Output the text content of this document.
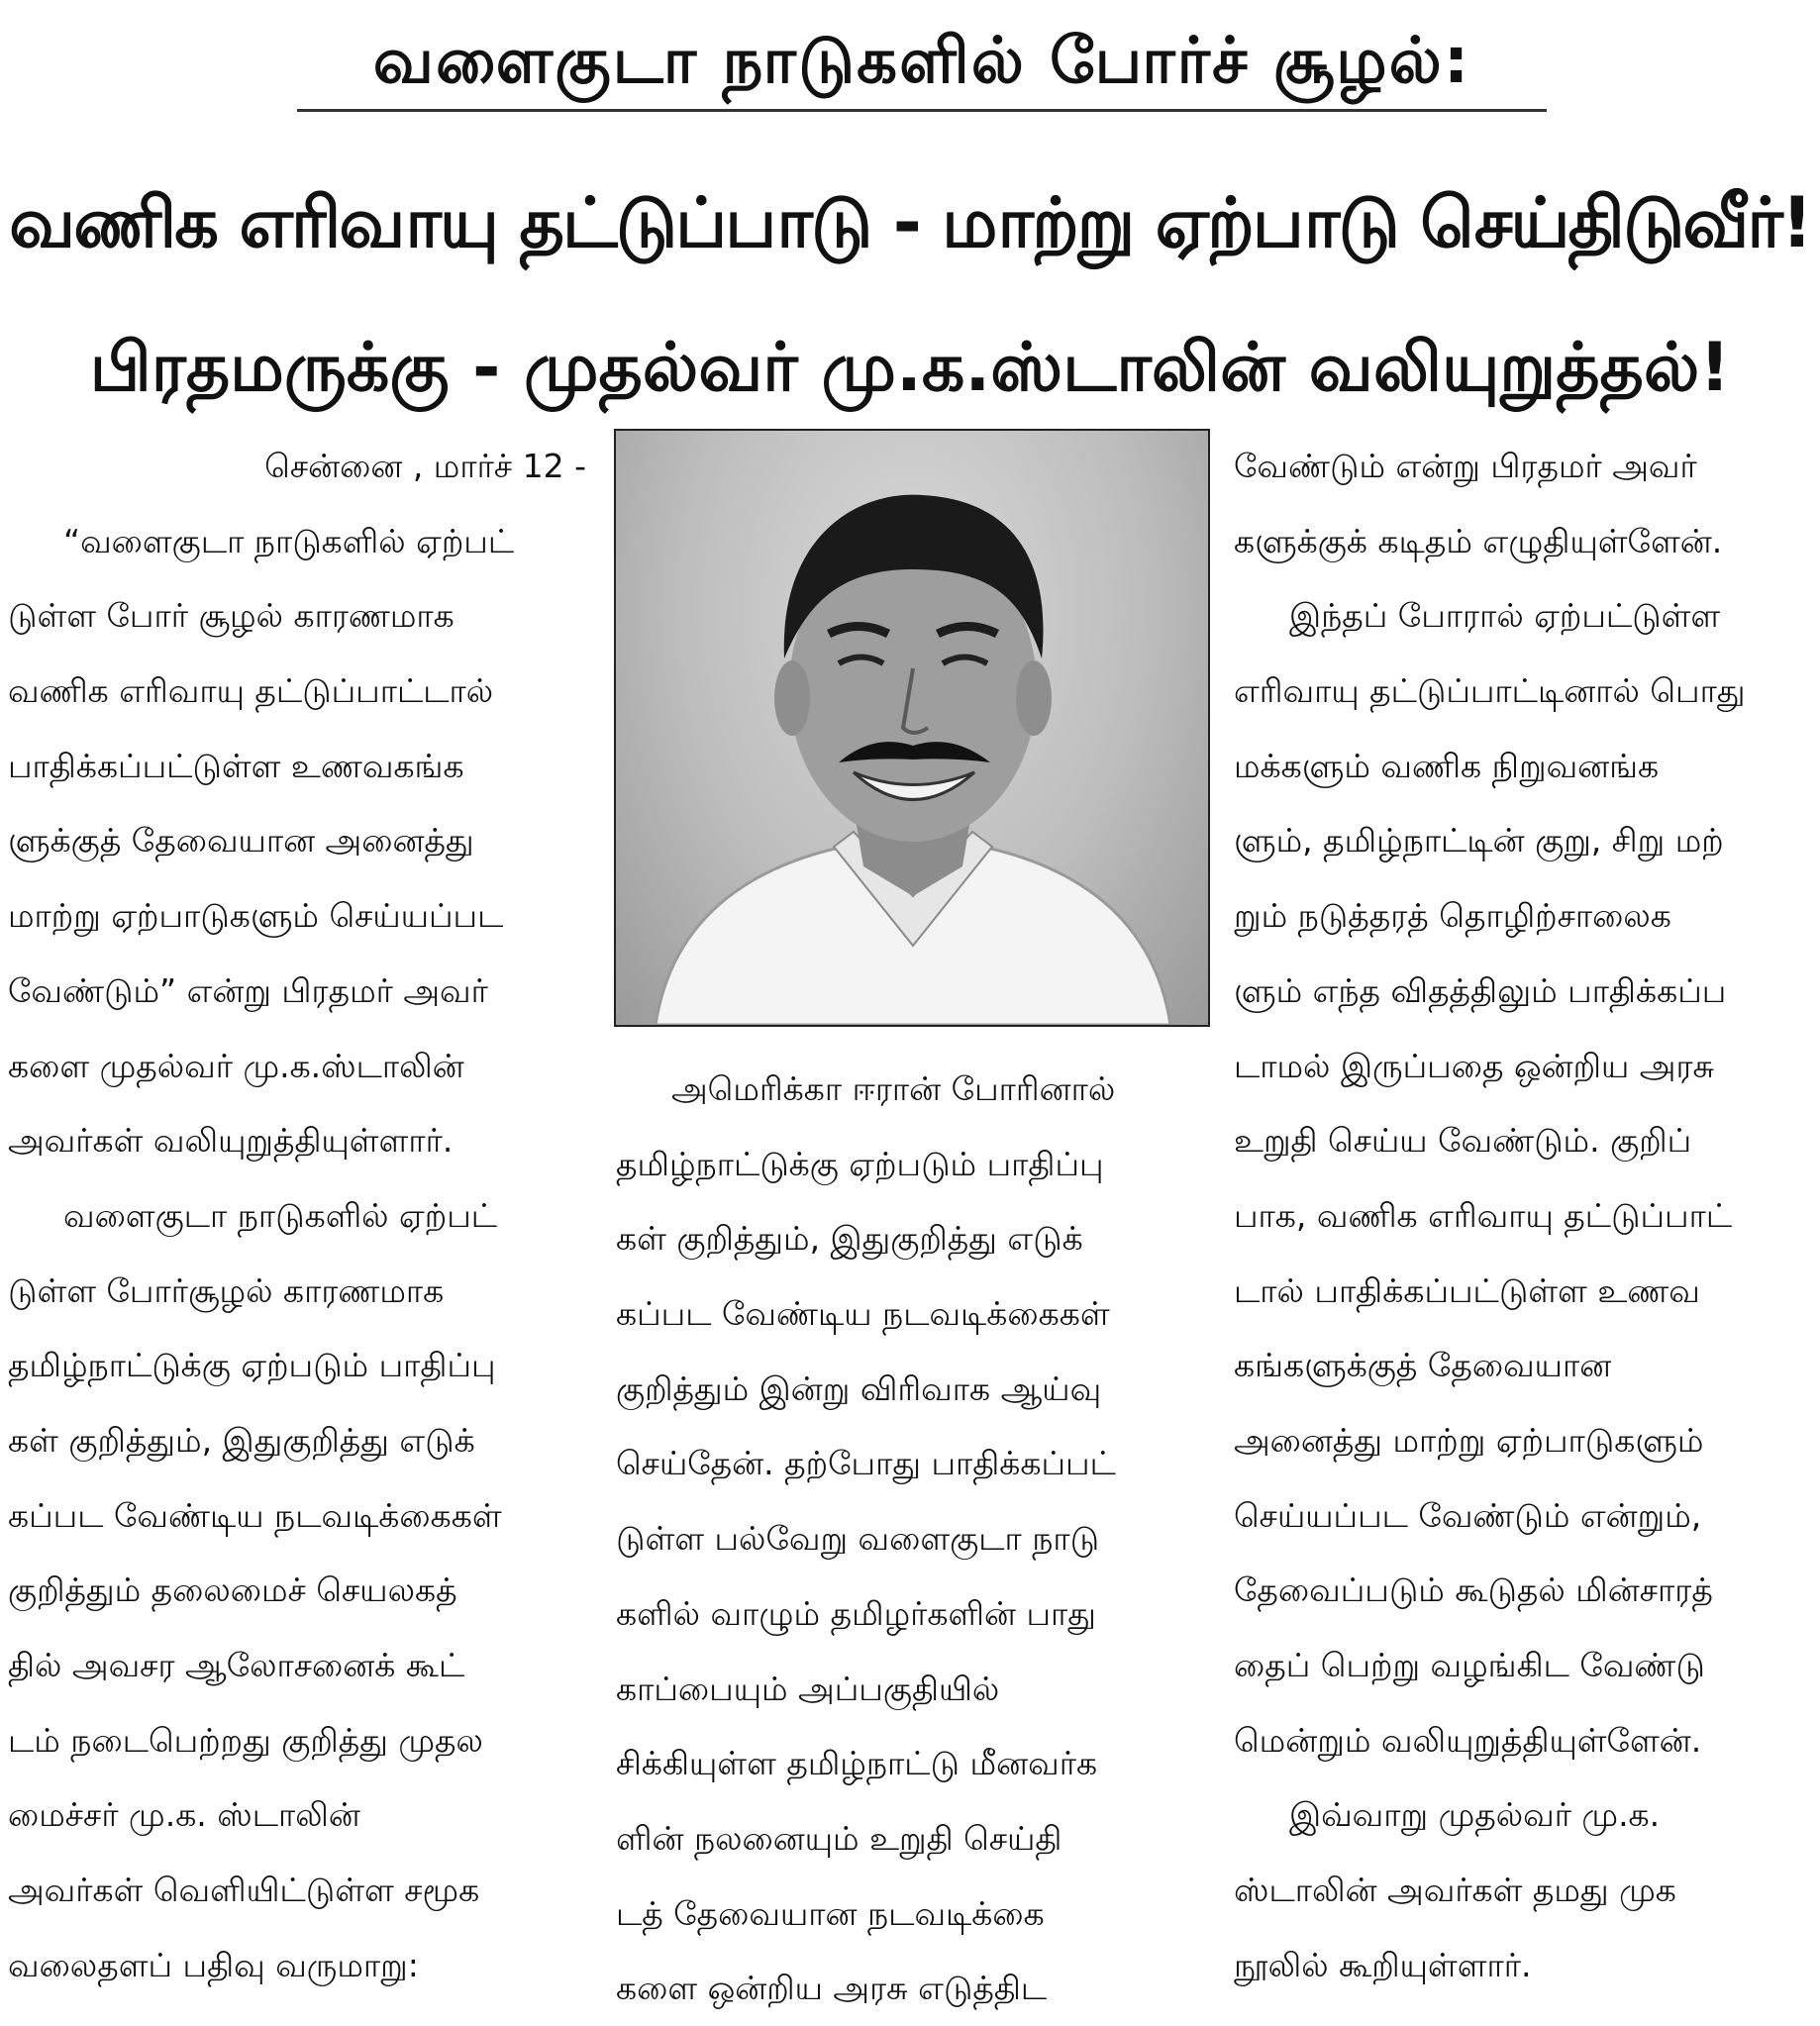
வளைகுடா நாடுகளில் போர்ச் சூழல்:
வணிக எரிவாயு தட்டுப்பாடு - மாற்று ஏற்பாடு செய்திடுவீர்!
பிரதமருக்கு - முதல்வர் மு.க.ஸ்டாலின் வலியுறுத்தல்!
சென்னை , மார்ச் 12 -
“வளைகுடா நாடுகளில் ஏற்பட்
டுள்ள போர் சூழல் காரணமாக
வணிக எரிவாயு தட்டுப்பாட்டால்
பாதிக்கப்பட்டுள்ள உணவகங்க
ளுக்குத் தேவையான அனைத்து
மாற்று ஏற்பாடுகளும் செய்யப்பட
வேண்டும்” என்று பிரதமர் அவர்
களை முதல்வர் மு.க.ஸ்டாலின்
அவர்கள் வலியுறுத்தியுள்ளார்.
வளைகுடா நாடுகளில் ஏற்பட்
டுள்ள போர்சூழல் காரணமாக
தமிழ்நாட்டுக்கு ஏற்படும் பாதிப்பு
கள் குறித்தும், இதுகுறித்து எடுக்
கப்பட வேண்டிய நடவடிக்கைகள்
குறித்தும் தலைமைச் செயலகத்
தில் அவசர ஆலோசனைக் கூட்
டம் நடைபெற்றது குறித்து முதல
மைச்சர் மு.க. ஸ்டாலின்
அவர்கள் வெளியிட்டுள்ள சமூக
வலைதளப் பதிவு வருமாறு:
அமெரிக்கா ஈரான் போரினால்
தமிழ்நாட்டுக்கு ஏற்படும் பாதிப்பு
கள் குறித்தும், இதுகுறித்து எடுக்
கப்பட வேண்டிய நடவடிக்கைகள்
குறித்தும் இன்று விரிவாக ஆய்வு
செய்தேன். தற்போது பாதிக்கப்பட்
டுள்ள பல்வேறு வளைகுடா நாடு
களில் வாழும் தமிழர்களின் பாது
காப்பையும் அப்பகுதியில்
சிக்கியுள்ள தமிழ்நாட்டு மீனவர்க
ளின் நலனையும் உறுதி செய்தி
டத் தேவையான நடவடிக்கை
களை ஒன்றிய அரசு எடுத்திட
வேண்டும் என்று பிரதமர் அவர்
களுக்குக் கடிதம் எழுதியுள்ளேன்.
இந்தப் போரால் ஏற்பட்டுள்ள
எரிவாயு தட்டுப்பாட்டினால் பொது
மக்களும் வணிக நிறுவனங்க
ளும், தமிழ்நாட்டின் குறு, சிறு மற்
றும் நடுத்தரத் தொழிற்சாலைக
ளும் எந்த விதத்திலும் பாதிக்கப்ப
டாமல் இருப்பதை ஒன்றிய அரசு
உறுதி செய்ய வேண்டும். குறிப்
பாக, வணிக எரிவாயு தட்டுப்பாட்
டால் பாதிக்கப்பட்டுள்ள உணவ
கங்களுக்குத் தேவையான
அனைத்து மாற்று ஏற்பாடுகளும்
செய்யப்பட வேண்டும் என்றும்,
தேவைப்படும் கூடுதல் மின்சாரத்
தைப் பெற்று வழங்கிட வேண்டு
மென்றும் வலியுறுத்தியுள்ளேன்.
இவ்வாறு முதல்வர் மு.க.
ஸ்டாலின் அவர்கள் தமது முக
நூலில் கூறியுள்ளார்.
